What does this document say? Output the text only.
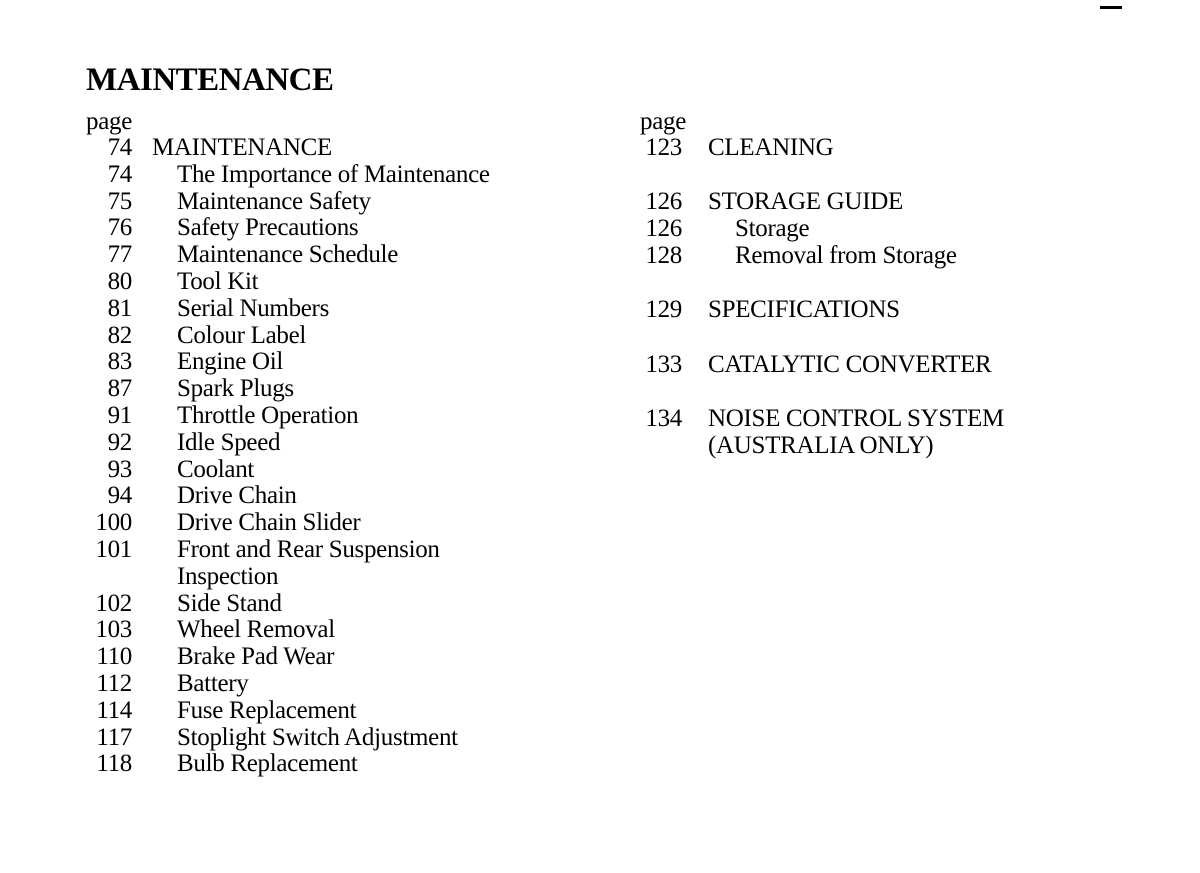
MAINTENANCE
page
74 MAINTENANCE
74 The Importance of Maintenance
75 Maintenance Safety
76 Safety Precautions
77 Maintenance Schedule
80 Tool Kit
81 Serial Numbers
82 Colour Label
83 Engine Oil
87 Spark Plugs
91 Throttle Operation
92 Idle Speed
93 Coolant
94 Drive Chain
100 Drive Chain Slider
101 Front and Rear Suspension
Inspection
102 Side Stand
103 Wheel Removal
110 Brake Pad Wear
112 Battery
114 Fuse Replacement
117 Stoplight Switch Adjustment
118 Bulb Replacement
page
123 CLEANING
126 STORAGE GUIDE
126 Storage
128 Removal from Storage
129 SPECIFICATIONS
133 CATALYTIC CONVERTER
134 NOISE CONTROL SYSTEM
(AUSTRALIA ONLY)
